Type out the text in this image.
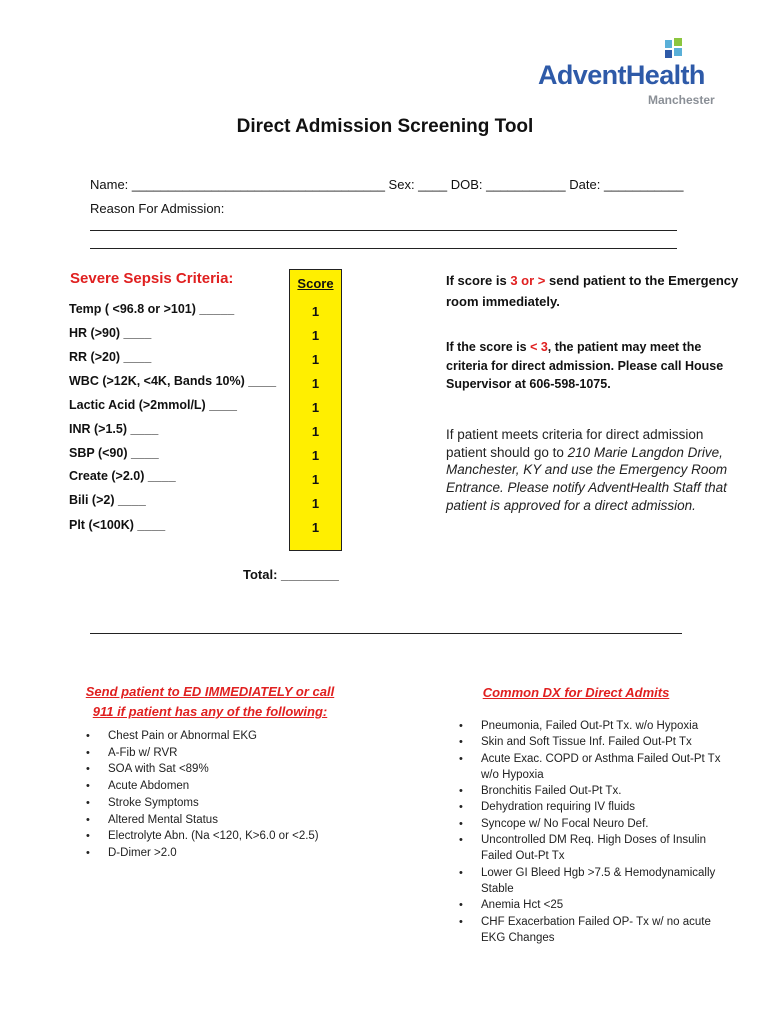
AdventHealth
Manchester
Direct Admission Screening Tool
Name: ___________________________________ Sex: ____ DOB: ___________ Date: ___________
Reason For Admission:
Severe Sepsis Criteria:	Score
Temp ( <96.8 or >101) _____
HR (>90) ____
RR (>20) ____
WBC (>12K, <4K, Bands 10%) ____
Lactic Acid (>2mmol/L) ____
INR (>1.5) ____
SBP (<90) ____
Create (>2.0) ____
Bili (>2) ____
Plt (<100K) ____
1
1
1
1
1
1
1
1
1
1
Total: ________
If score is 3 or > send patient to the Emergency room immediately.
If the score is < 3, the patient may meet the criteria for direct admission. Please call House Supervisor at 606-598-1075.
If patient meets criteria for direct admission patient should go to 210 Marie Langdon Drive, Manchester, KY and use the Emergency Room Entrance. Please notify AdventHealth Staff that patient is approved for a direct admission.
Send patient to ED IMMEDIATELY or call
911 if patient has any of the following:
• Chest Pain or Abnormal EKG
• A-Fib w/ RVR
• SOA with Sat <89%
• Acute Abdomen
• Stroke Symptoms
• Altered Mental Status
• Electrolyte Abn. (Na <120, K>6.0 or <2.5)
• D-Dimer >2.0
Common DX for Direct Admits
• Pneumonia, Failed Out-Pt Tx. w/o Hypoxia
• Skin and Soft Tissue Inf. Failed Out-Pt Tx
• Acute Exac. COPD or Asthma Failed Out-Pt Tx w/o Hypoxia
• Bronchitis Failed Out-Pt Tx.
• Dehydration requiring IV fluids
• Syncope w/ No Focal Neuro Def.
• Uncontrolled DM Req. High Doses of Insulin Failed Out-Pt Tx
• Lower GI Bleed Hgb >7.5 & Hemodynamically Stable
• Anemia Hct <25
• CHF Exacerbation Failed OP- Tx w/ no acute EKG Changes
